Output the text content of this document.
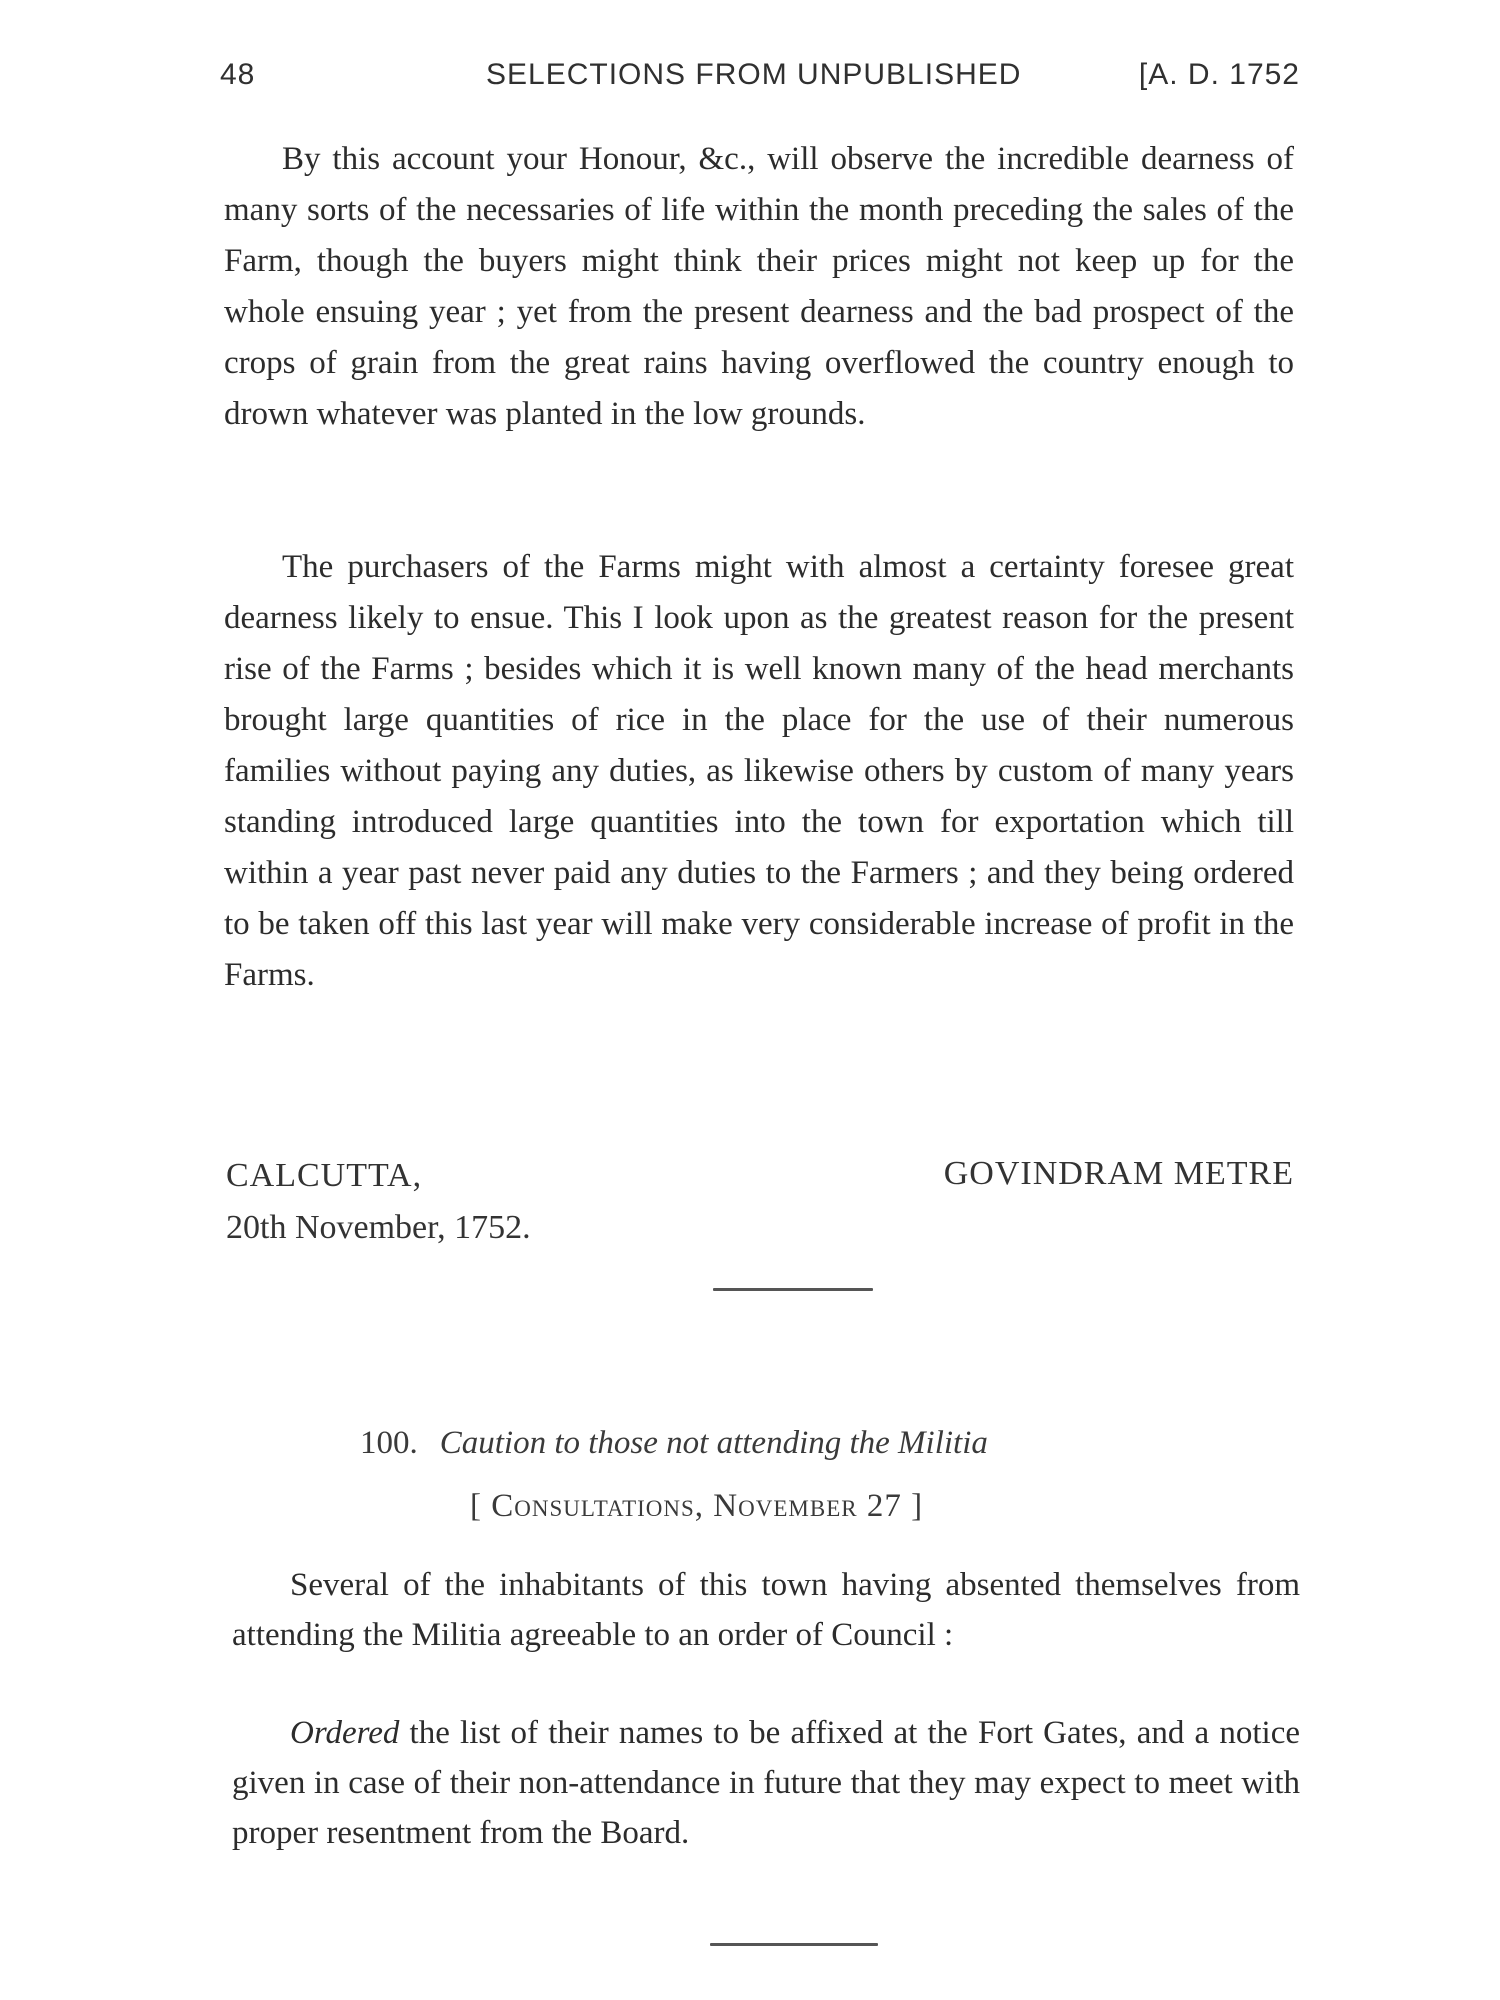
48	SELECTIONS FROM UNPUBLISHED	[A. D. 1752

By this account your Honour, &c., will observe the incredible dearness of many sorts of the necessaries of life within the month preceding the sales of the Farm, though the buyers might think their prices might not keep up for the whole ensuing year ; yet from the present dearness and the bad prospect of the crops of grain from the great rains having overflowed the country enough to drown whatever was planted in the low grounds.

The purchasers of the Farms might with almost a certainty foresee great dearness likely to ensue. This I look upon as the greatest reason for the present rise of the Farms ; besides which it is well known many of the head merchants brought large quantities of rice in the place for the use of their numerous families without paying any duties, as likewise others by custom of many years standing introduced large quantities into the town for exportation which till within a year past never paid any duties to the Farmers ; and they being ordered to be taken off this last year will make very considerable increase of profit in the Farms.

CALCUTTA,
20th November, 1752.
GOVINDRAM METRE
100. Caution to those not attending the Militia
[ Consultations, November 27 ]

Several of the inhabitants of this town having absented themselves from attending the Militia agreeable to an order of Council :

Ordered the list of their names to be affixed at the Fort Gates, and a notice given in case of their non-attendance in future that they may expect to meet with proper resentment from the Board.
